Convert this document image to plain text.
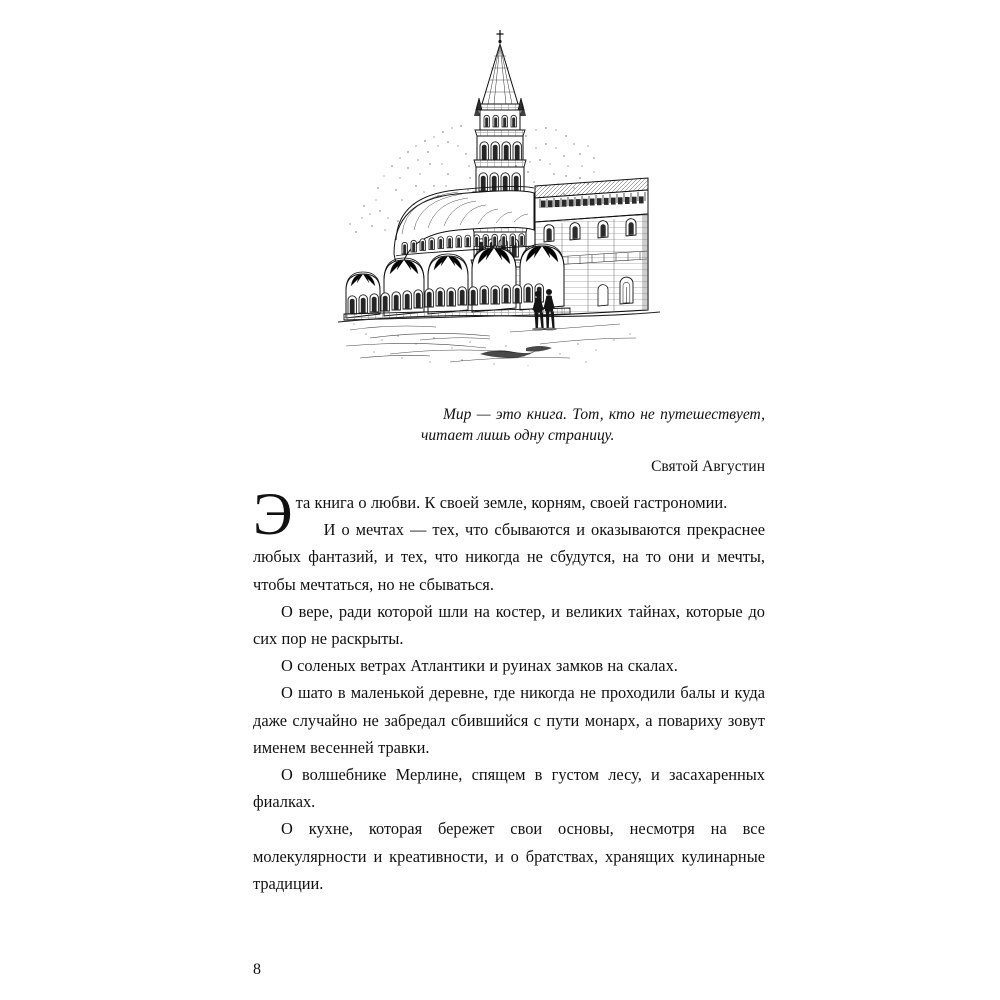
Мир — это книга. Тот, кто не путешествует, читает лишь одну страницу.

Святой Августин

Эта книга о любви. К своей земле, корням, своей гастрономии.

И о мечтах — тех, что сбываются и оказываются прекраснее любых фантазий, и тех, что никогда не сбудутся, на то они и мечты, чтобы мечтаться, но не сбываться.

О вере, ради которой шли на костер, и великих тайнах, которые до сих пор не раскрыты.

О соленых ветрах Атлантики и руинах замков на скалах.

О шато в маленькой деревне, где никогда не проходили балы и куда даже случайно не забредал сбившийся с пути монарх, а повариху зовут именем весенней травки.

О волшебнике Мерлине, спящем в густом лесу, и засахаренных фиалках.

О кухне, которая бережет свои основы, несмотря на все молекулярности и креативности, и о братствах, хранящих кулинарные традиции.

8
